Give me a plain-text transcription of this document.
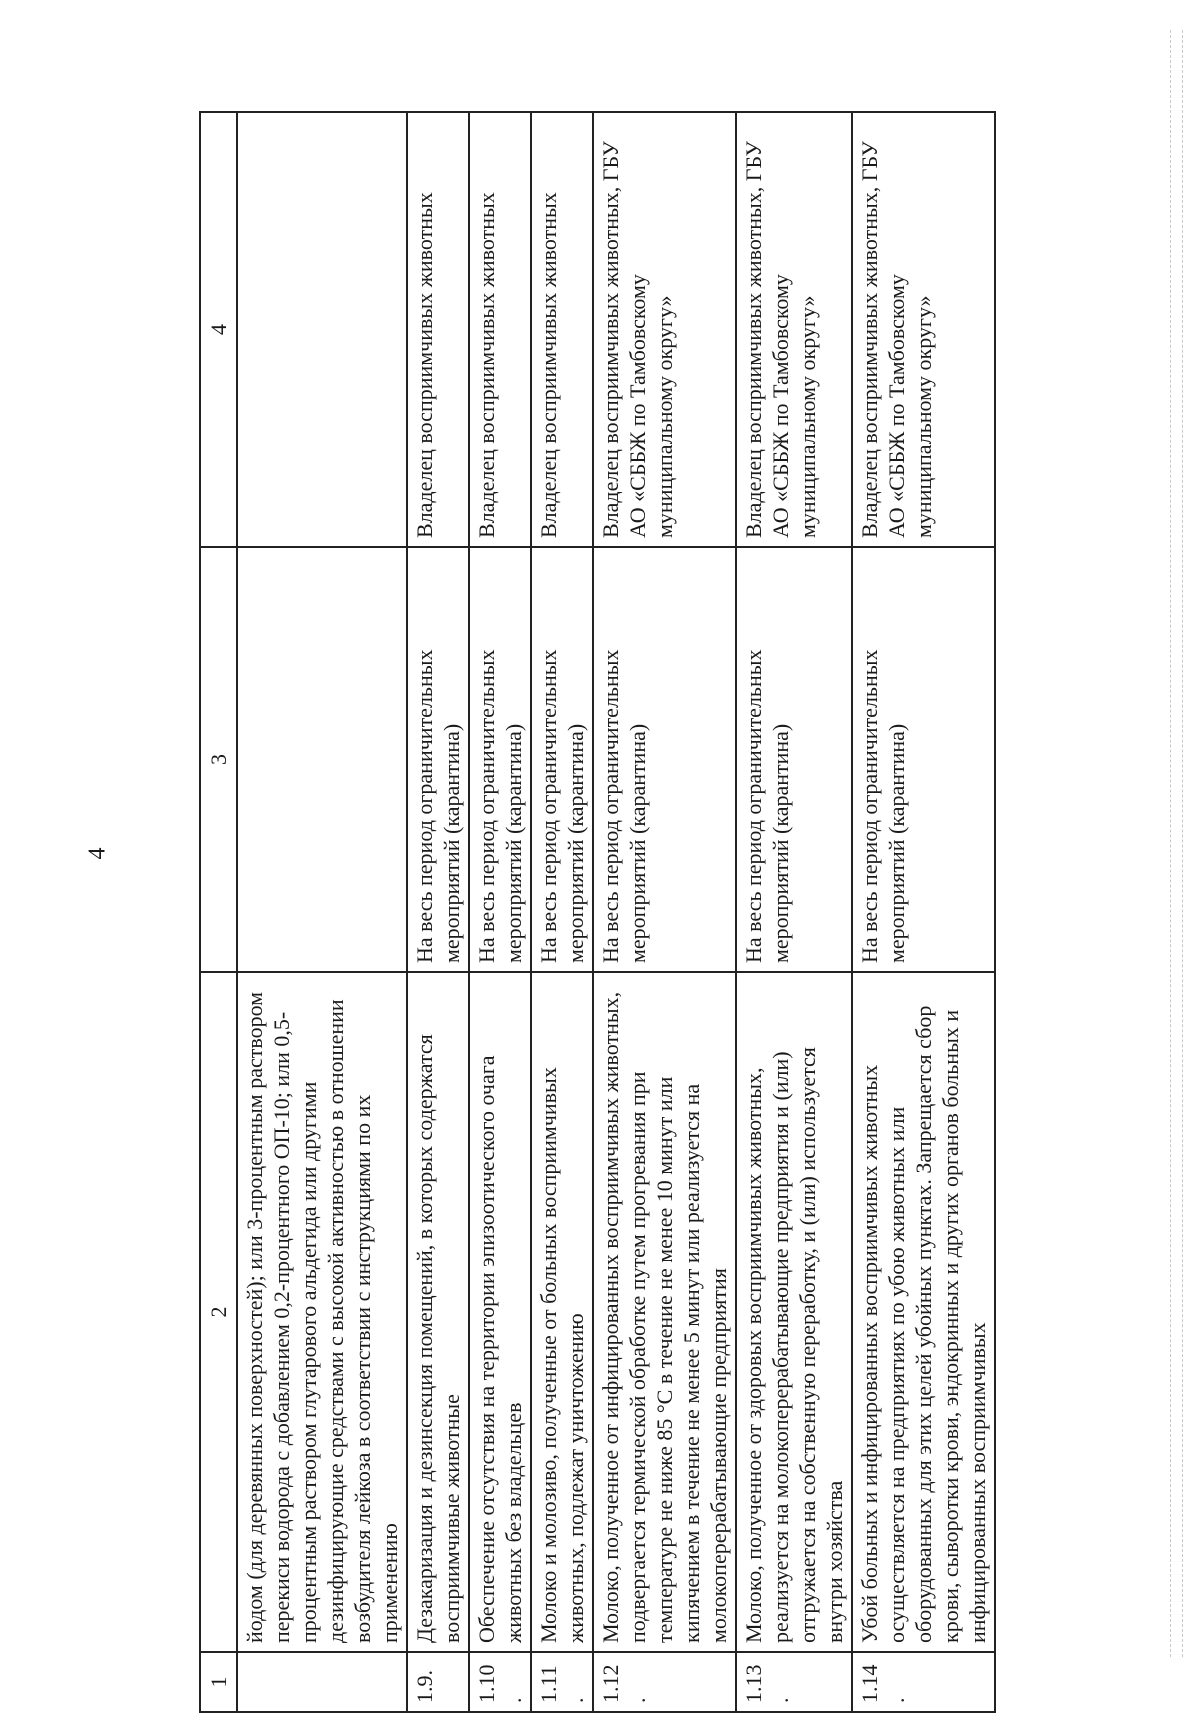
4
1	2	3	4
	йодом (для деревянных поверхностей); или 3-процентным раствором перекиси водорода с добавлением 0,2-процентного ОП-10; или 0,5-процентным раствором глутарового альдегида или другими дезинфицирующие средствами с высокой активностью в отношении возбудителя лейкоза в соответствии с инструкциями по их применению		
1.9.	Дезакаризация и дезинсекция помещений, в которых содержатся восприимчивые животные	На весь период ограничительных мероприятий (карантина)	Владелец восприимчивых животных
1.10.	Обеспечение отсутствия на территории эпизоотического очага животных без владельцев	На весь период ограничительных мероприятий (карантина)	Владелец восприимчивых животных
1.11.	Молоко и молозиво, полученные от больных восприимчивых животных, подлежат уничтожению	На весь период ограничительных мероприятий (карантина)	Владелец восприимчивых животных
1.12.	Молоко, полученное от инфицированных восприимчивых животных, подвергается термической обработке путем прогревания при температуре не ниже 85 °С в течение не менее 10 минут или кипячением в течение не менее 5 минут или реализуется на молокоперерабатывающие предприятия	На весь период ограничительных мероприятий (карантина)	Владелец восприимчивых животных, ГБУ АО «СББЖ по Тамбовскому муниципальному округу»
1.13.	Молоко, полученное от здоровых восприимчивых животных, реализуется на молокоперерабатывающие предприятия и (или) отгружается на собственную переработку, и (или) используется внутри хозяйства	На весь период ограничительных мероприятий (карантина)	Владелец восприимчивых животных, ГБУ АО «СББЖ по Тамбовскому муниципальному округу»
1.14.	Убой больных и инфицированных восприимчивых животных осуществляется на предприятиях по убою животных или оборудованных для этих целей убойных пунктах. Запрещается сбор крови, сыворотки крови, эндокринных и других органов больных и инфицированных восприимчивых	На весь период ограничительных мероприятий (карантина)	Владелец восприимчивых животных, ГБУ АО «СББЖ по Тамбовскому муниципальному округу»
